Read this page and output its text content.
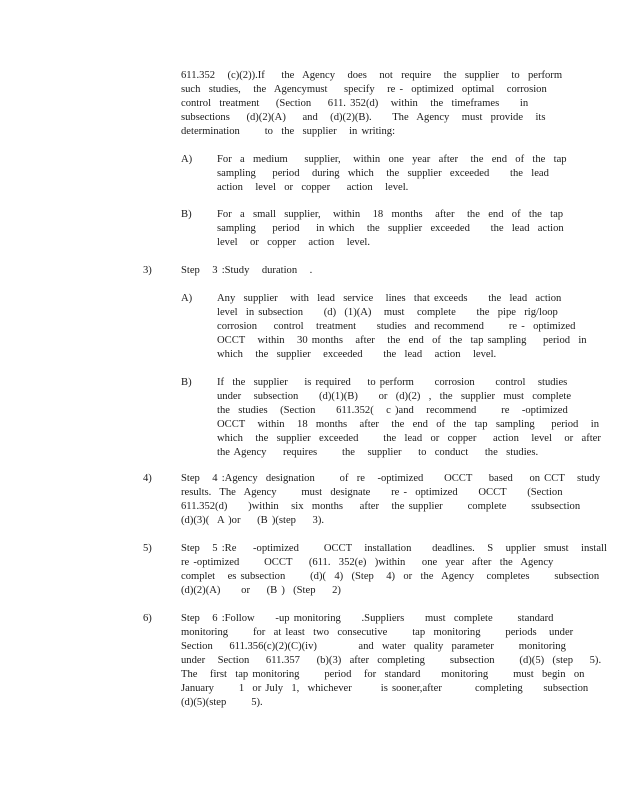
611.352   (c)(2)).If    the  Agency   does   not  require   the  supplier   to  perform
such  studies,   the  Agencymust    specify   re -  optimized  optimal   corrosion
control  treatment    (Section    611. 352(d)   within   the  timeframes     in
subsections    (d)(2)(A)    and   (d)(2)(B).     The  Agency   must  provide   its
determination      to  the  supplier   in writing:
A) For  a  medium    supplier,   within  one  year  after   the  end  of  the  tap
sampling    period   during  which   the  supplier  exceeded     the  lead
action   level  or  copper    action   level.
B) For  a  small  supplier,   within   18  months   after   the  end  of  the  tap
sampling    period    in which   the  supplier  exceeded     the  lead  action
level   or  copper   action   level.
3)	Step   3 :Study   duration   .
A) Any  supplier   with  lead  service   lines  that exceeds     the  lead  action
level  in subsection     (d)  (1)(A)   must   complete     the  pipe  rig/loop
corrosion    control   treatment     studies  and recommend      re -  optimized
OCCT   within   30 months   after   the  end  of  the  tap sampling    period  in
which   the  supplier   exceeded     the  lead   action   level.
B) If  the  supplier    is required    to perform     corrosion     control   studies
under   subsection     (d)(1)(B)     or  (d)(2)  ,  the  supplier  must  complete
the  studies   (Section     611.352(   c )and   recommend      re   -optimized
OCCT   within   18  months   after   the  end  of  the  tap  sampling    period   in
which   the  supplier  exceeded      the  lead  or  copper    action   level   or  after
the Agency    requires      the   supplier    to  conduct    the  studies.
4)	Step   4 :Agency  designation      of  re   -optimized     OCCT    based    on CCT   study
results.  The  Agency      must  designate     re -  optimized     OCCT     (Section
611.352(d)     )within   six  months    after   the supplier      complete      ssubsection
(d)(3)(  A )or    (B )(step    3).
5)	Step   5 :Re    -optimized      OCCT   installation     deadlines.   S   upplier  smust   install
re -optimized      OCCT    (611.  352(e)  )within    one  year  after  the  Agency
complet   es subsection      (d)(  4)  (Step   4)  or  the  Agency   completes      subsection
(d)(2)(A)     or    (B )  (Step    2)
6)	Step   6 :Follow     -up monitoring     .Suppliers     must  complete      standard
monitoring      for  at least  two  consecutive      tap  monitoring      periods   under
Section    611.356(c)(2)(C)(iv)          and  water  quality  parameter      monitoring
under   Section    611.357    (b)(3)  after  completing      subsection      (d)(5)  (step    5).
The   first  tap monitoring      period   for  standard     monitoring      must  begin  on
January      1  or July  1,  whichever       is sooner,after        completing     subsection
(d)(5)(step      5).
